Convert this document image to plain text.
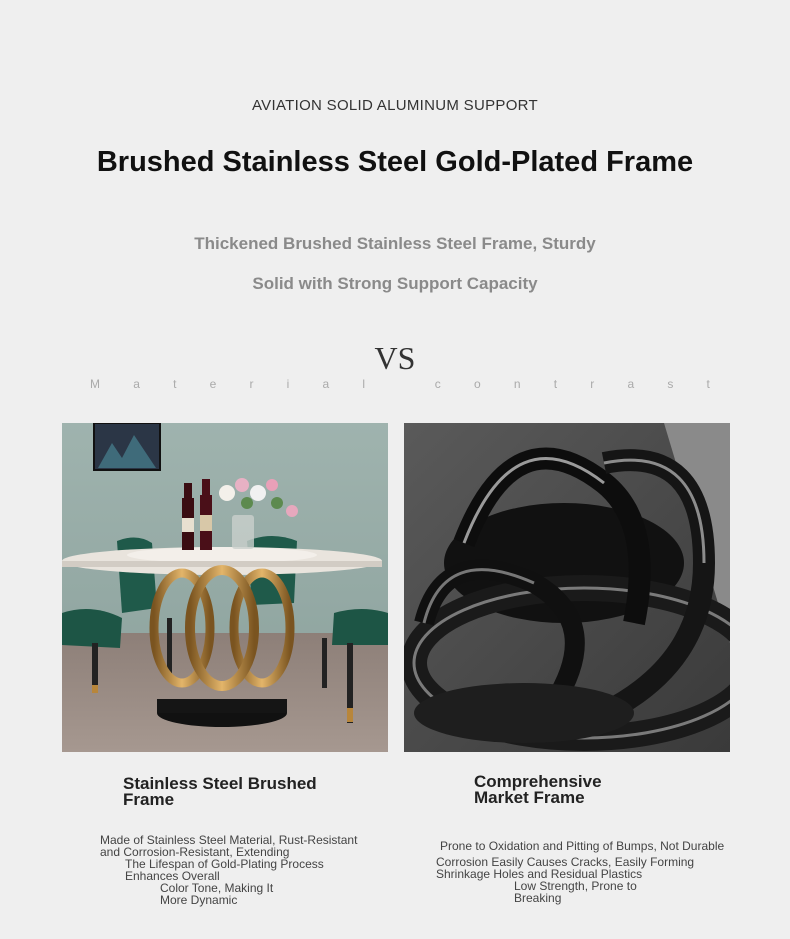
AVIATION SOLID ALUMINUM SUPPORT
Brushed Stainless Steel Gold-Plated Frame
Thickened Brushed Stainless Steel Frame, Sturdy
Solid with Strong Support Capacity
VS
M	a	t	e	r	i	a	l
	c	o	n	t	r	a	s	t
Stainless Steel Brushed
Frame
Made of Stainless Steel Material, Rust-Resistant
and Corrosion-Resistant, Extending
The Lifespan of Gold-Plating Process
Enhances Overall
Color Tone, Making It
More Dynamic
Comprehensive
Market Frame
Prone to Oxidation and Pitting of Bumps, Not Durable
Corrosion Easily Causes Cracks, Easily Forming
Shrinkage Holes and Residual Plastics
Low Strength, Prone to
Breaking
